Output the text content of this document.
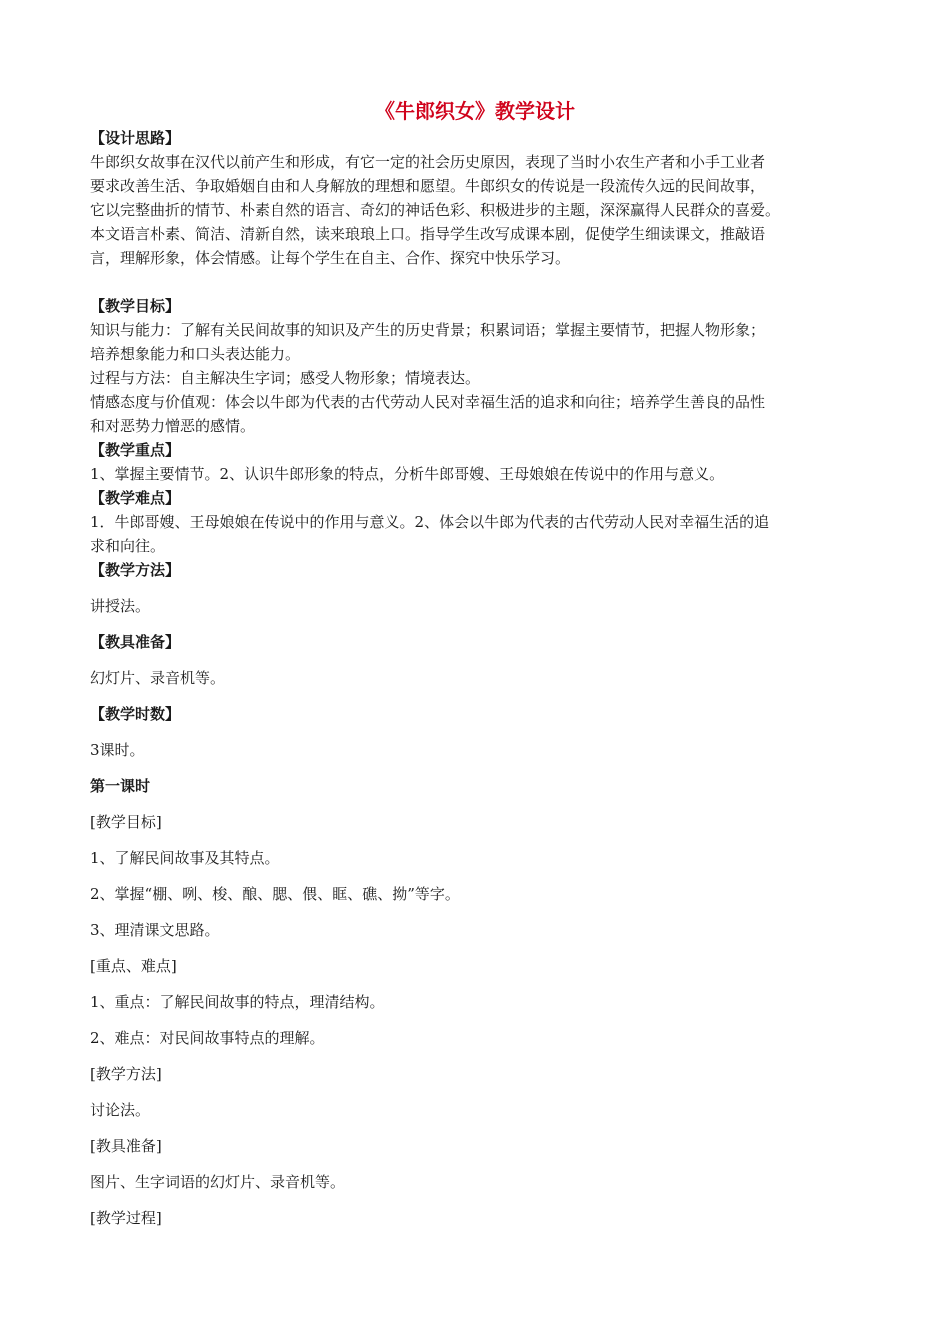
《牛郎织女》教学设计
【设计思路】

牛郎织女故事在汉代以前产生和形成，有它一定的社会历史原因，表现了当时小农生产者和小手工业者

要求改善生活、争取婚姻自由和人身解放的理想和愿望。牛郎织女的传说是一段流传久远的民间故事，

它以完整曲折的情节、朴素自然的语言、奇幻的神话色彩、积极进步的主题，深深赢得人民群众的喜爱。

本文语言朴素、简洁、清新自然，读来琅琅上口。指导学生改写成课本剧，促使学生细读课文，推敲语

言，理解形象，体会情感。让每个学生在自主、合作、探究中快乐学习。

【教学目标】

知识与能力：了解有关民间故事的知识及产生的历史背景；积累词语；掌握主要情节，把握人物形象；

培养想象能力和口头表达能力。

过程与方法：自主解决生字词；感受人物形象；情境表达。

情感态度与价值观：体会以牛郎为代表的古代劳动人民对幸福生活的追求和向往；培养学生善良的品性

和对恶势力憎恶的感情。

【教学重点】

1、掌握主要情节。2、认识牛郎形象的特点，分析牛郎哥嫂、王母娘娘在传说中的作用与意义。

【教学难点】

1．牛郎哥嫂、王母娘娘在传说中的作用与意义。2、体会以牛郎为代表的古代劳动人民对幸福生活的追

求和向往。

【教学方法】

讲授法。

【教具准备】

幻灯片、录音机等。

【教学时数】

3课时。

第一课时

[教学目标]

1、了解民间故事及其特点。

2、掌握“棚、咧、梭、酿、腮、偎、眶、礁、拗”等字。

3、理清课文思路。

[重点、难点]

1、重点：了解民间故事的特点，理清结构。

2、难点：对民间故事特点的理解。

[教学方法]

讨论法。

[教具准备]

图片、生字词语的幻灯片、录音机等。

[教学过程]
